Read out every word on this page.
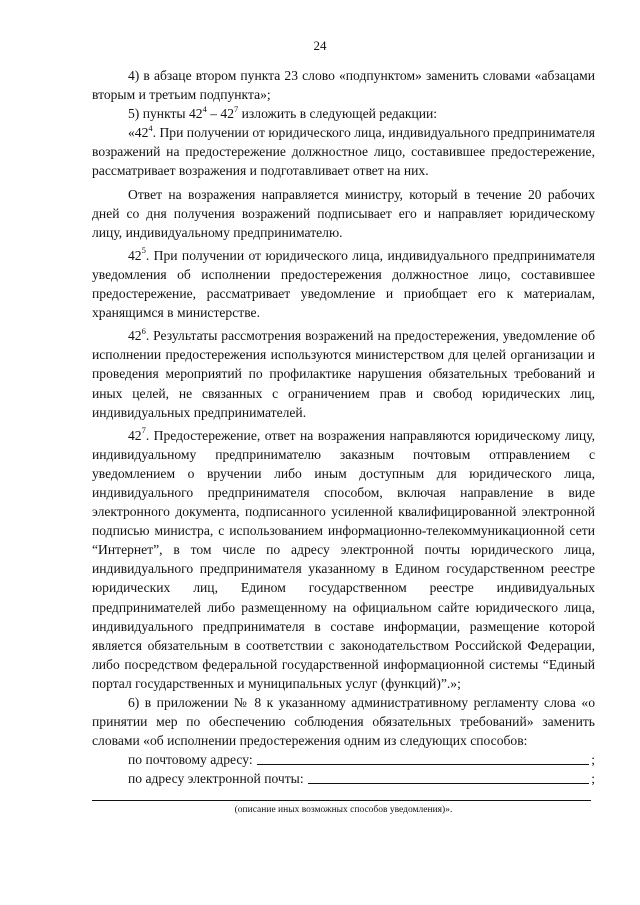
24

4) в абзаце втором пункта 23 слово «подпунктом» заменить словами «абзацами вторым и третьим подпункта»;

5) пункты $42^4 - 42^7$ изложить в следующей редакции:

«$42^4$. При получении от юридического лица, индивидуального предпринимателя возражений на предостережение должностное лицо, составившее предостережение, рассматривает возражения и подготавливает ответ на них.

Ответ на возражения направляется министру, который в течение 20 рабочих дней со дня получения возражений подписывает его и направляет юридическому лицу, индивидуальному предпринимателю.

$42^5$. При получении от юридического лица, индивидуального предпринимателя уведомления об исполнении предостережения должностное лицо, составившее предостережение, рассматривает уведомление и приобщает его к материалам, хранящимся в министерстве.

$42^6$. Результаты рассмотрения возражений на предостережения, уведомление об исполнении предостережения используются министерством для целей организации и проведения мероприятий по профилактике нарушения обязательных требований и иных целей, не связанных с ограничением прав и свобод юридических лиц, индивидуальных предпринимателей.

$42^7$. Предостережение, ответ на возражения направляются юридическому лицу, индивидуальному предпринимателю заказным почтовым отправлением с уведомлением о вручении либо иным доступным для юридического лица, индивидуального предпринимателя способом, включая направление в виде электронного документа, подписанного усиленной квалифицированной электронной подписью министра, с использованием информационно-телекоммуникационной сети “Интернет”, в том числе по адресу электронной почты юридического лица, индивидуального предпринимателя указанному в Едином государственном реестре юридических лиц, Едином государственном реестре индивидуальных предпринимателей либо размещенному на официальном сайте юридического лица, индивидуального предпринимателя в составе информации, размещение которой является обязательным в соответствии с законодательством Российской Федерации, либо посредством федеральной государственной информационной системы “Единый портал государственных и муниципальных услуг (функций)”.»;

6) в приложении № 8 к указанному административному регламенту слова «о принятии мер по обеспечению соблюдения обязательных требований» заменить словами «об исполнении предостережения одним из следующих способов:

по почтовому адресу:	;
по адресу электронной почты:	;
(описание иных возможных способов уведомления)».
